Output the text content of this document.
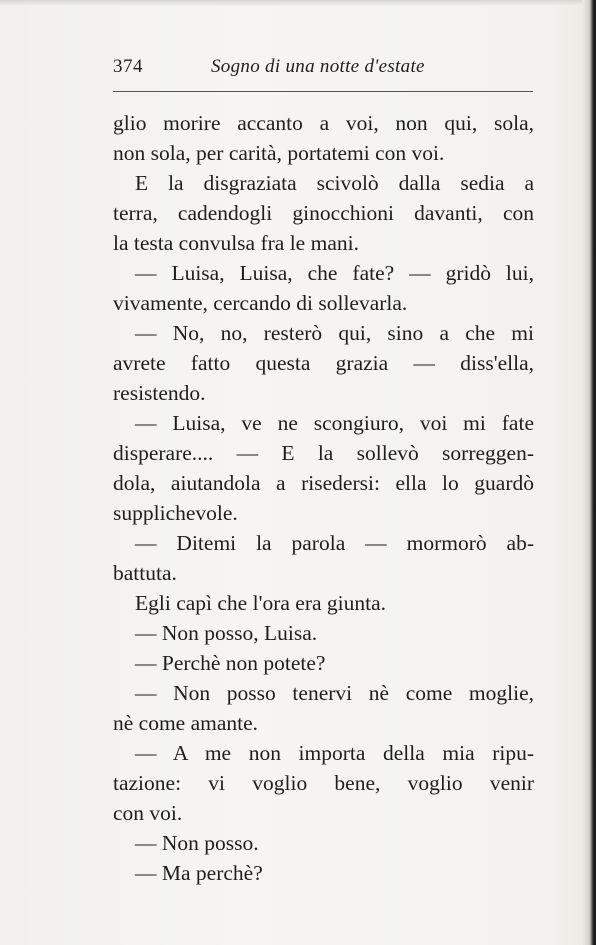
374	Sogno di una notte d'estate
glio morire accanto a voi, non qui, sola,
non sola, per carità, portatemi con voi.
E la disgraziata scivolò dalla sedia a
terra, cadendogli ginocchioni davanti, con
la testa convulsa fra le mani.
— Luisa, Luisa, che fate? — gridò lui,
vivamente, cercando di sollevarla.
— No, no, resterò qui, sino a che mi
avrete fatto questa grazia — diss'ella,
resistendo.
— Luisa, ve ne scongiuro, voi mi fate
disperare.... — E la sollevò sorreggen-
dola, aiutandola a risedersi: ella lo guardò
supplichevole.
— Ditemi la parola — mormorò ab-
battuta.
Egli capì che l'ora era giunta.
— Non posso, Luisa.
— Perchè non potete?
— Non posso tenervi nè come moglie,
nè come amante.
— A me non importa della mia ripu-
tazione: vi voglio bene, voglio venir
con voi.
— Non posso.
— Ma perchè?
